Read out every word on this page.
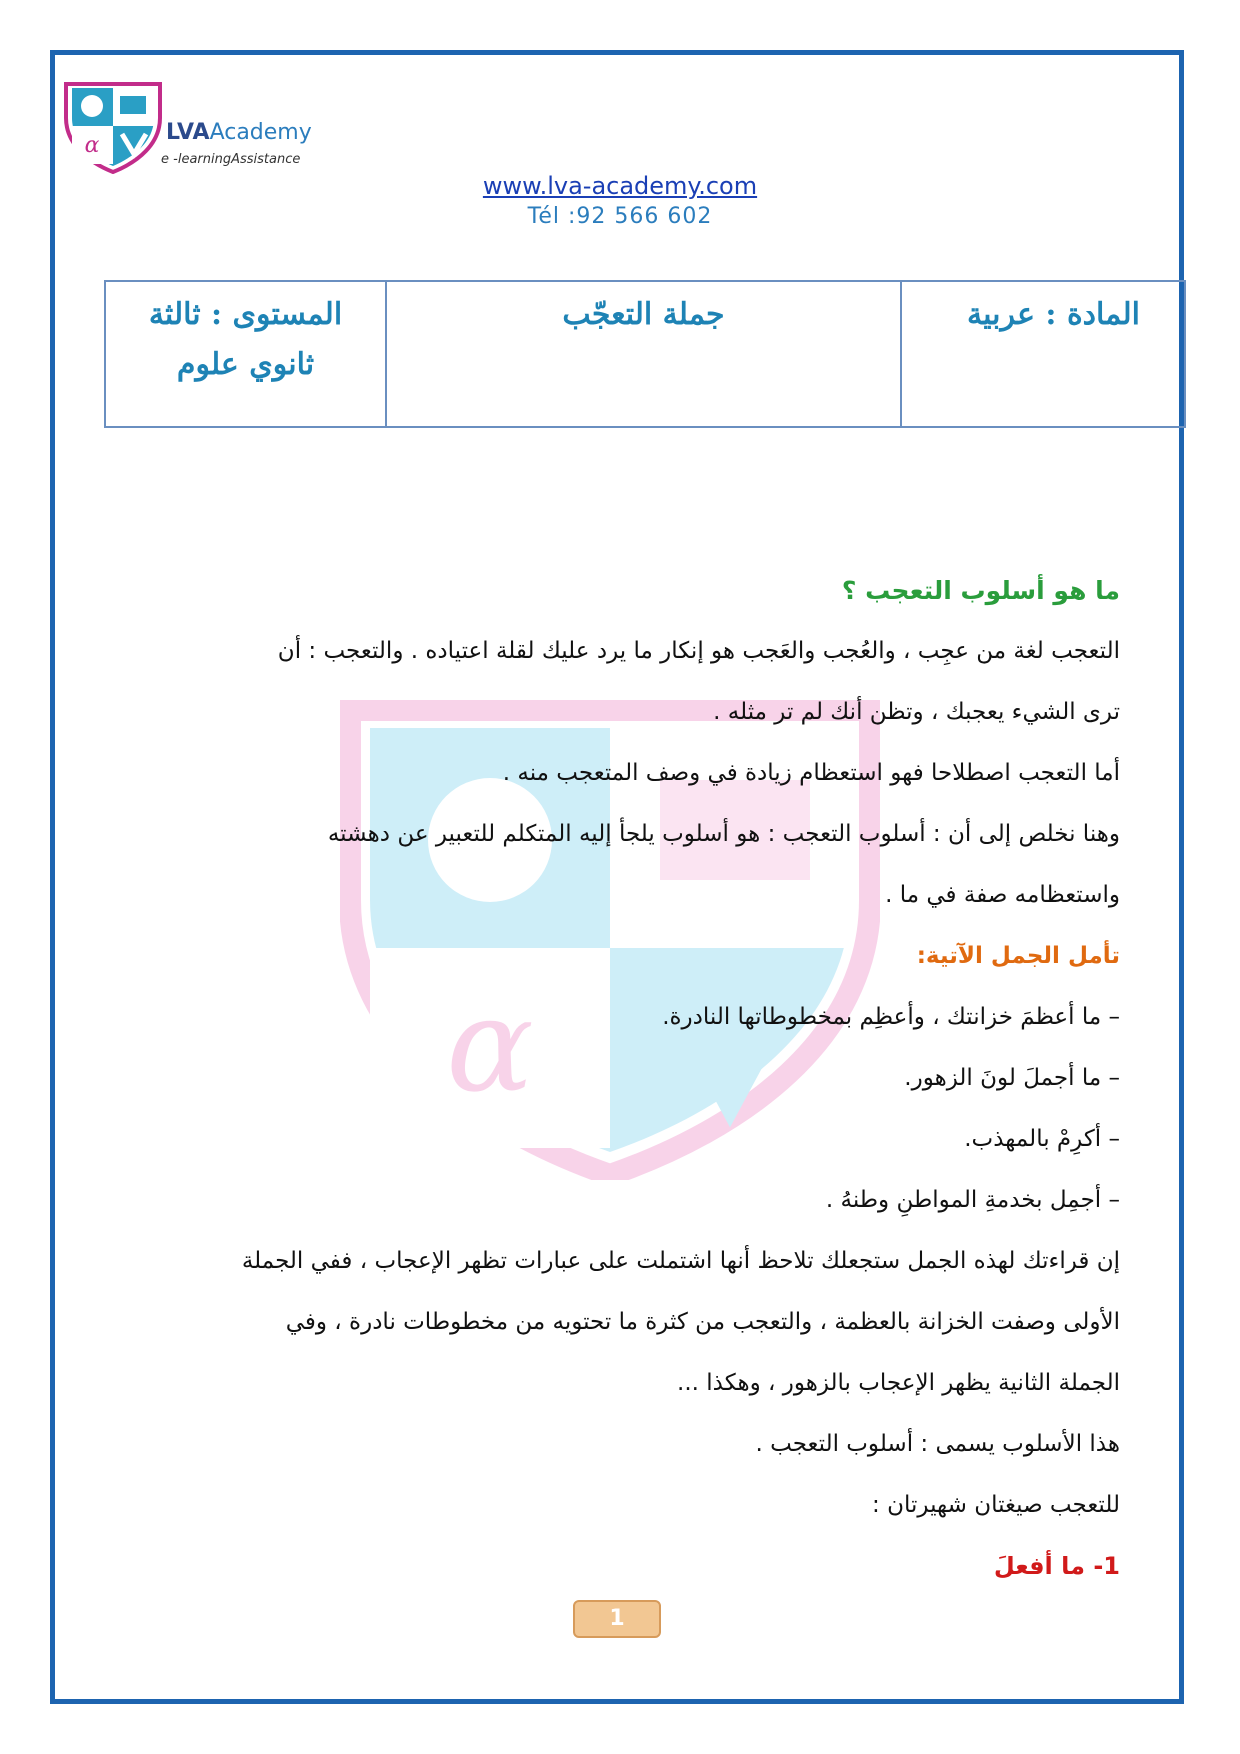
α
LVAAcademy
e -learningAssistance
www.lva-academy.com
Tél :92 566 602
المستوى : ثالثة
ثانوي علوم
جملة التعجّب	المادة : عربية
α
ما هو أسلوب التعجب ؟
التعجب لغة من عجِب ، والعُجب والعَجب هو إنكار ما يرد عليك لقلة اعتياده . والتعجب : أن
ترى الشيء يعجبك ، وتظن أنك لم تر مثله .
أما التعجب اصطلاحا فهو استعظام زيادة في وصف المتعجب منه .
وهنا نخلص إلى أن : أسلوب التعجب : هو أسلوب يلجأ إليه المتكلم للتعبير عن دهشته
واستعظامه صفة في ما .
تأمل الجمل الآتية:
– ما أعظمَ خزانتك ، وأعظِم بمخطوطاتها النادرة.
– ما أجملَ لونَ الزهور.
– أكرِمْ بالمهذب.
– أجمِل بخدمةِ المواطنِ وطنهُ .
إن قراءتك لهذه الجمل ستجعلك تلاحظ أنها اشتملت على عبارات تظهر الإعجاب ، ففي الجملة
الأولى وصفت الخزانة بالعظمة ، والتعجب من كثرة ما تحتويه من مخطوطات نادرة ، وفي
الجملة الثانية يظهر الإعجاب بالزهور ، وهكذا ...
هذا الأسلوب يسمى : أسلوب التعجب .
للتعجب صيغتان شهيرتان :
1- ما أفعلَ
1
